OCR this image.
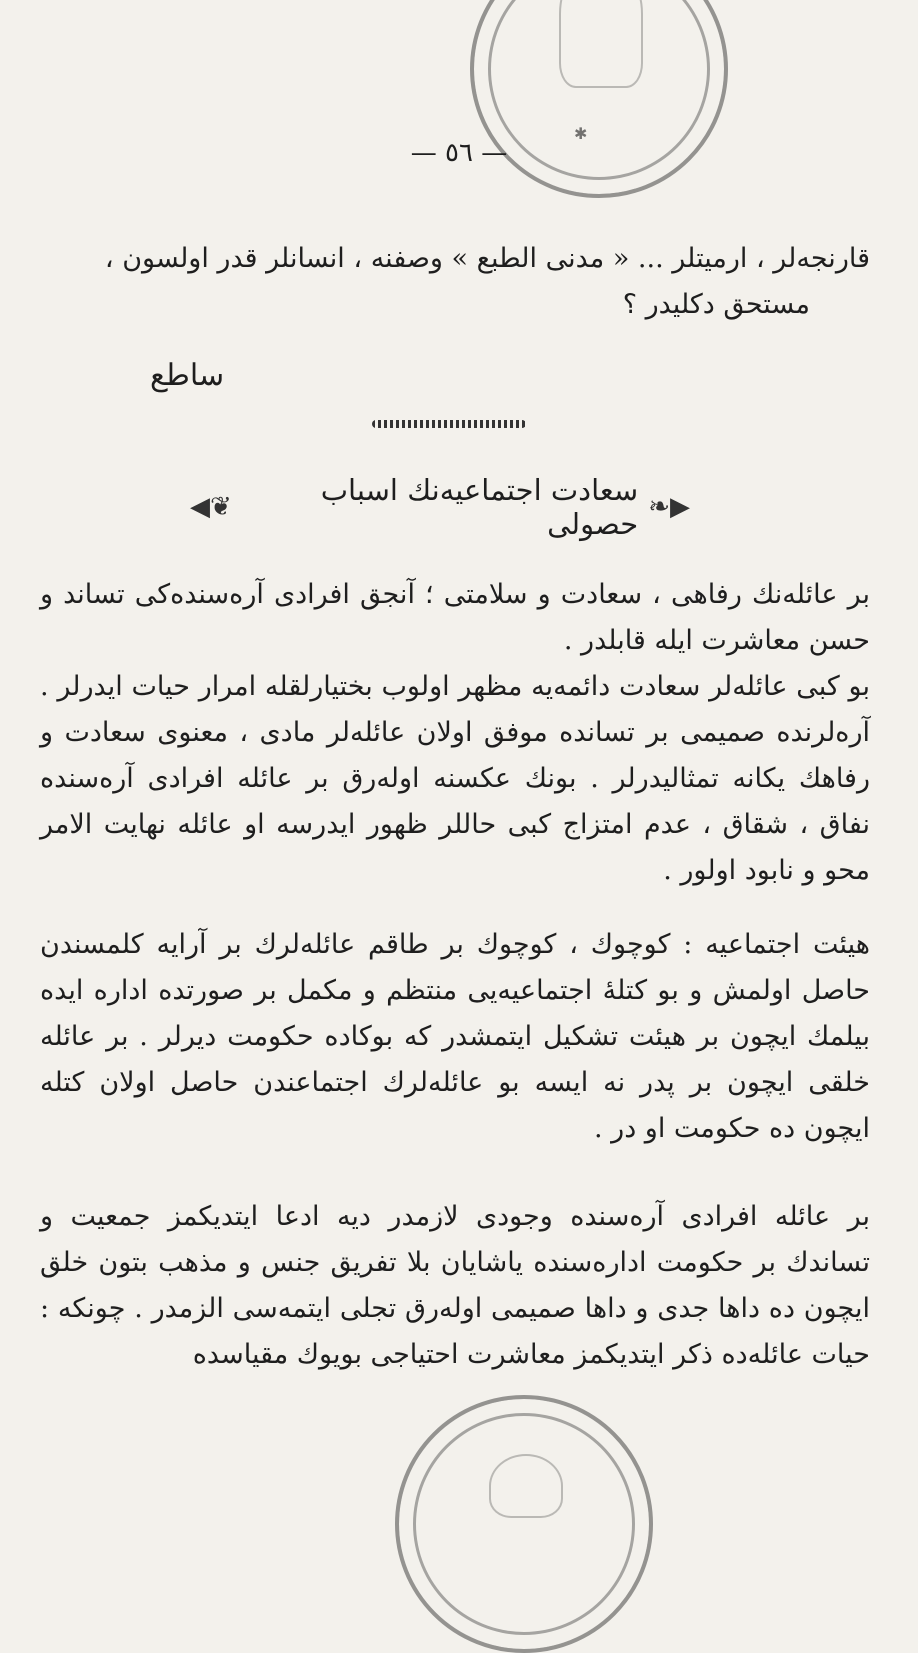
✱
— ٥٦ —

قارنجه‌لر ، ارمیتلر ... « مدنی الطبع » وصفنه ، انسانلر قدر اولسون ،

مستحق دکلیدر ؟

ساطع
◀❦	سعادت اجتماعیه‌نك اسباب حصولی ❧▶

بر عائله‌نك رفاهی ، سعادت و سلامتی ؛ آنجق افرادی آره‌سنده‌كی تساند و حسن معاشرت ایله قابلدر .

بو كبی عائله‌لر سعادت دائمه‌یه مظهر اولوب بختیارلقله امرار حیات ایدرلر . آره‌لرنده صمیمی بر تسانده موفق اولان عائله‌لر مادی ، معنوی سعادت و رفاهك یكانه تمثالیدرلر . بونك عكسنه اوله‌رق بر عائله افرادی آره‌سنده نفاق ، شقاق ، عدم امتزاج كبی حاللر ظهور ایدرسه او عائله نهایت الامر محو و نابود اولور .

هیئت اجتماعیه : كوچوك ، كوچوك بر طاقم عائله‌لرك بر آرایه كلمسندن حاصل اولمش و بو كتله‌ٔ اجتماعیه‌یی منتظم و مكمل بر صورتده اداره ایده بیلمك ایچون بر هیئت تشكیل ایتمشدر كه بوكاده حكومت دیرلر . بر عائله خلقی ایچون بر پدر نه ایسه بو عائله‌لرك اجتماعندن حاصل اولان كتله ایچون ده حكومت او در .

بر عائله افرادی آره‌سنده وجودی لازمدر دیه ادعا ایتدیكمز جمعیت و تساندك بر حكومت اداره‌سنده یاشایان بلا تفریق جنس و مذهب بتون خلق ایچون ده داها جدی و داها صمیمی اوله‌رق تجلی ایتمه‌سی الزمدر . چونكه : حیات عائله‌ده ذكر ایتدیكمز معاشرت احتیاجی بویوك مقیاسده
